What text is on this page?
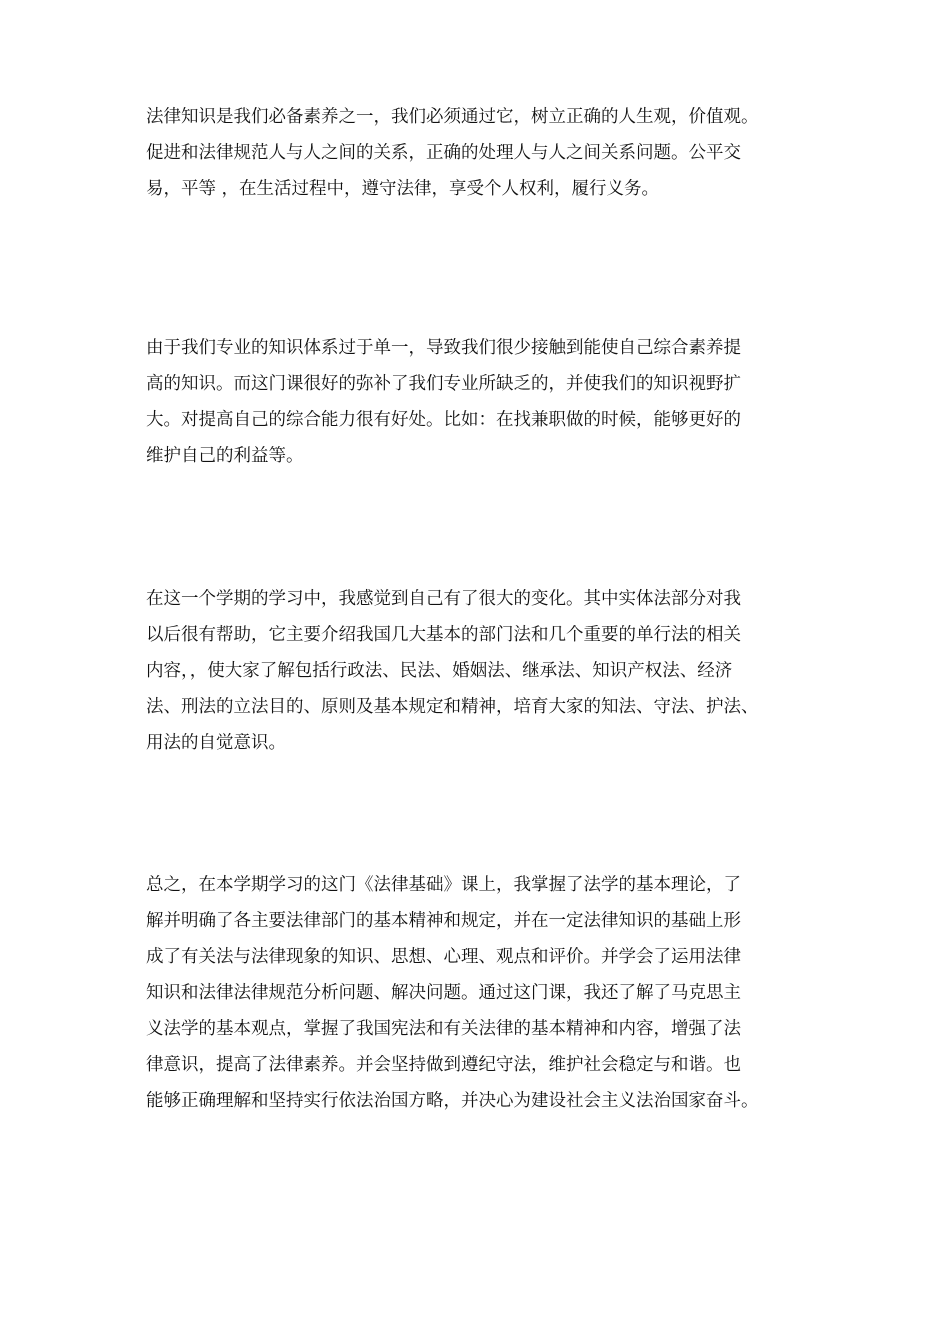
法律知识是我们必备素养之一，我们必须通过它，树立正确的人生观，价值观。
促进和法律规范人与人之间的关系，正确的处理人与人之间关系问题。公平交
易，平等 ，在生活过程中，遵守法律，享受个人权利，履行义务。
由于我们专业的知识体系过于单一，导致我们很少接触到能使自己综合素养提
高的知识。而这门课很好的弥补了我们专业所缺乏的，并使我们的知识视野扩
大。对提高自己的综合能力很有好处。比如：在找兼职做的时候，能够更好的
维护自己的利益等。
在这一个学期的学习中，我感觉到自己有了很大的变化。其中实体法部分对我
以后很有帮助，它主要介绍我国几大基本的部门法和几个重要的单行法的相关
内容，，使大家了解包括行政法、民法、婚姻法、继承法、知识产权法、经济
法、刑法的立法目的、原则及基本规定和精神，培育大家的知法、守法、护法、
用法的自觉意识。
总之，在本学期学习的这门《法律基础》课上，我掌握了法学的基本理论，了
解并明确了各主要法律部门的基本精神和规定，并在一定法律知识的基础上形
成了有关法与法律现象的知识、思想、心理、观点和评价。并学会了运用法律
知识和法律法律规范分析问题、解决问题。通过这门课，我还了解了马克思主
义法学的基本观点，掌握了我国宪法和有关法律的基本精神和内容，增强了法
律意识，提高了法律素养。并会坚持做到遵纪守法，维护社会稳定与和谐。也
能够正确理解和坚持实行依法治国方略，并决心为建设社会主义法治国家奋斗。
